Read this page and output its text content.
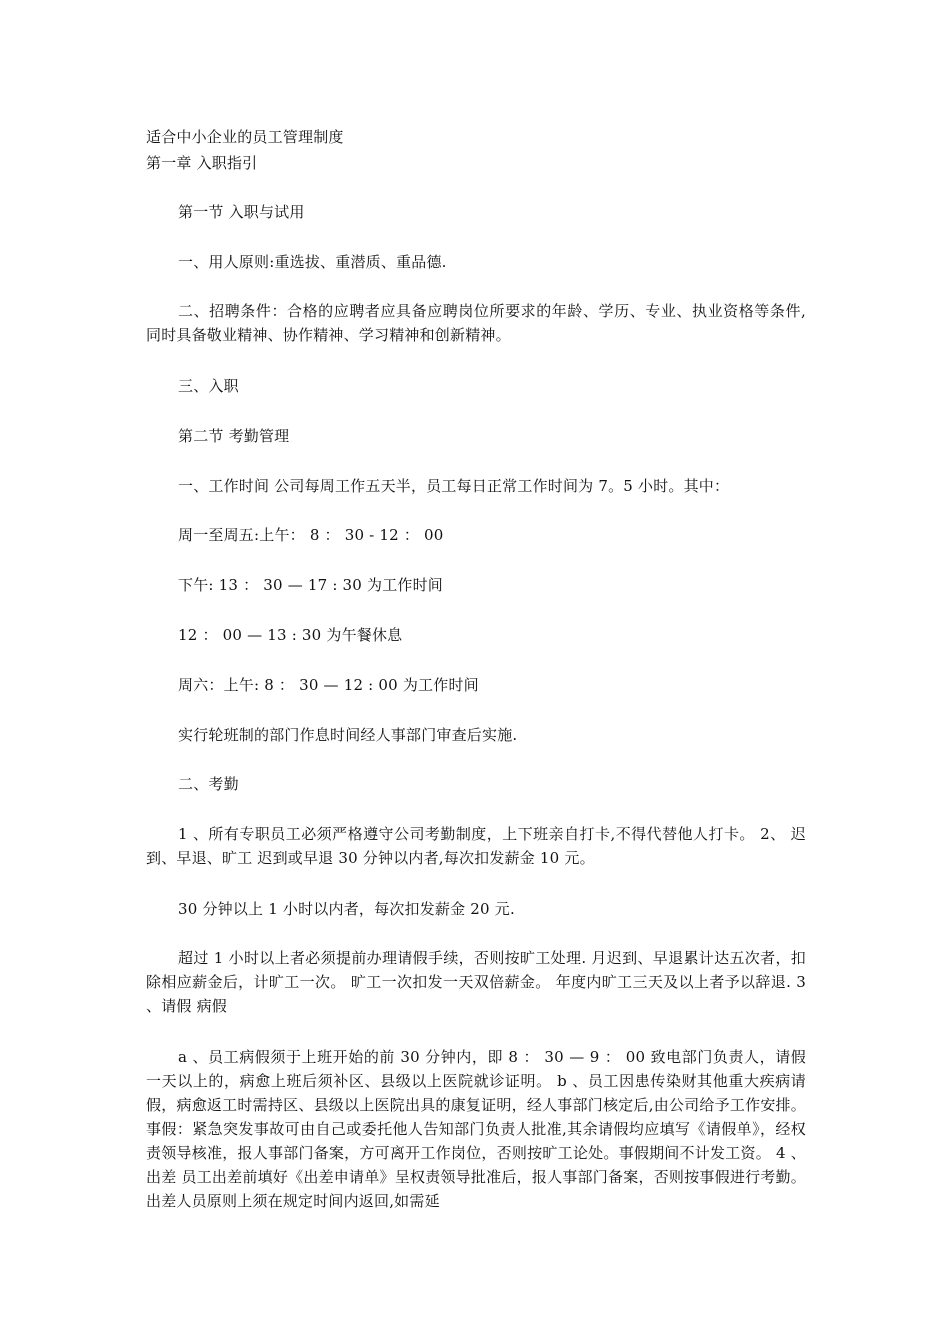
适合中小企业的员工管理制度
第一章 入职指引
第一节 入职与试用
一、用人原则:重选拔、重潜质、重品德.

二、招聘条件：合格的应聘者应具备应聘岗位所要求的年龄、学历、专业、执业资格等条件,同时具备敬业精神、协作精神、学习精神和创新精神。

三、入职
第二节 考勤管理
一、工作时间 公司每周工作五天半，员工每日正常工作时间为 7。5 小时。其中：
周一至周五:上午： 8 ： 30 - 12 ： 00
下午: 13 ： 30 — 17 : 30 为工作时间
12 ： 00 — 13 : 30 为午餐休息
周六：上午: 8 ： 30 — 12 : 00 为工作时间
实行轮班制的部门作息时间经人事部门审查后实施.
二、考勤

1 、所有专职员工必须严格遵守公司考勤制度，上下班亲自打卡,不得代替他人打卡。 2、 迟到、早退、旷工 迟到或早退 30 分钟以内者,每次扣发薪金 10 元。

30 分钟以上 1 小时以内者，每次扣发薪金 20 元.

超过 1 小时以上者必须提前办理请假手续，否则按旷工处理. 月迟到、早退累计达五次者，扣除相应薪金后，计旷工一次。 旷工一次扣发一天双倍薪金。 年度内旷工三天及以上者予以辞退. 3 、请假 病假

a 、员工病假须于上班开始的前 30 分钟内，即 8 ： 30 — 9 ： 00 致电部门负责人，请假一天以上的，病愈上班后须补区、县级以上医院就诊证明。 b 、员工因患传染财其他重大疾病请假，病愈返工时需持区、县级以上医院出具的康复证明，经人事部门核定后,由公司给予工作安排。 事假：紧急突发事故可由自己或委托他人告知部门负责人批准,其余请假均应填写《请假单》，经权责领导核准，报人事部门备案，方可离开工作岗位，否则按旷工论处。事假期间不计发工资。 4 、出差 员工出差前填好《出差申请单》呈权责领导批准后，报人事部门备案，否则按事假进行考勤。 出差人员原则上须在规定时间内返回,如需延
